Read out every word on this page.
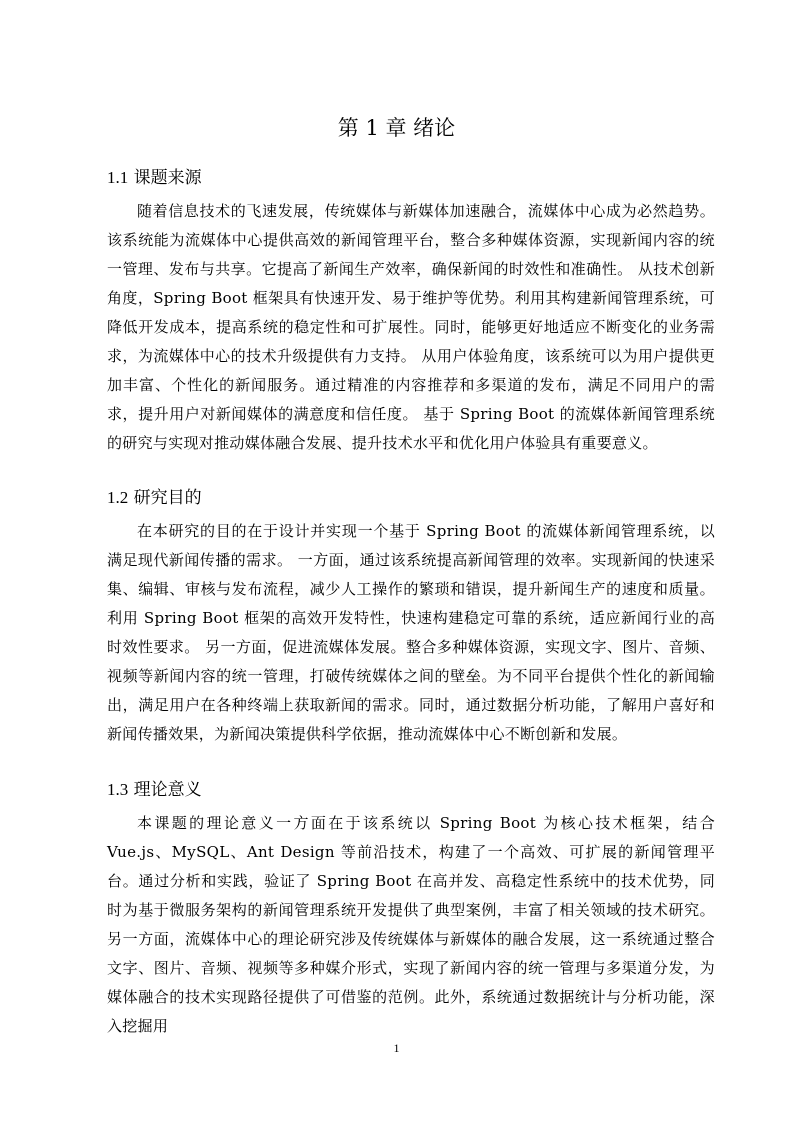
第 1 章 绪论
1.1 课题来源

随着信息技术的飞速发展，传统媒体与新媒体加速融合，流媒体中心成为必然趋势。该系统能为流媒体中心提供高效的新闻管理平台，整合多种媒体资源，实现新闻内容的统一管理、发布与共享。它提高了新闻生产效率，确保新闻的时效性和准确性。 从技术创新角度，Spring Boot 框架具有快速开发、易于维护等优势。利用其构建新闻管理系统，可降低开发成本，提高系统的稳定性和可扩展性。同时，能够更好地适应不断变化的业务需求，为流媒体中心的技术升级提供有力支持。 从用户体验角度，该系统可以为用户提供更加丰富、个性化的新闻服务。通过精准的内容推荐和多渠道的发布，满足不同用户的需求，提升用户对新闻媒体的满意度和信任度。 基于 Spring Boot 的流媒体新闻管理系统的研究与实现对推动媒体融合发展、提升技术水平和优化用户体验具有重要意义。

1.2 研究目的

在本研究的目的在于设计并实现一个基于 Spring Boot 的流媒体新闻管理系统，以满足现代新闻传播的需求。 一方面，通过该系统提高新闻管理的效率。实现新闻的快速采集、编辑、审核与发布流程，减少人工操作的繁琐和错误，提升新闻生产的速度和质量。利用 Spring Boot 框架的高效开发特性，快速构建稳定可靠的系统，适应新闻行业的高时效性要求。 另一方面，促进流媒体发展。整合多种媒体资源，实现文字、图片、音频、视频等新闻内容的统一管理，打破传统媒体之间的壁垒。为不同平台提供个性化的新闻输出，满足用户在各种终端上获取新闻的需求。同时，通过数据分析功能，了解用户喜好和新闻传播效果，为新闻决策提供科学依据，推动流媒体中心不断创新和发展。

1.3 理论意义

本课题的理论意义一方面在于该系统以 Spring Boot 为核心技术框架，结合 Vue.js、MySQL、Ant Design 等前沿技术，构建了一个高效、可扩展的新闻管理平台。通过分析和实践，验证了 Spring Boot 在高并发、高稳定性系统中的技术优势，同时为基于微服务架构的新闻管理系统开发提供了典型案例，丰富了相关领域的技术研究。另一方面，流媒体中心的理论研究涉及传统媒体与新媒体的融合发展，这一系统通过整合文字、图片、音频、视频等多种媒介形式，实现了新闻内容的统一管理与多渠道分发，为媒体融合的技术实现路径提供了可借鉴的范例。此外，系统通过数据统计与分析功能，深入挖掘用

1
